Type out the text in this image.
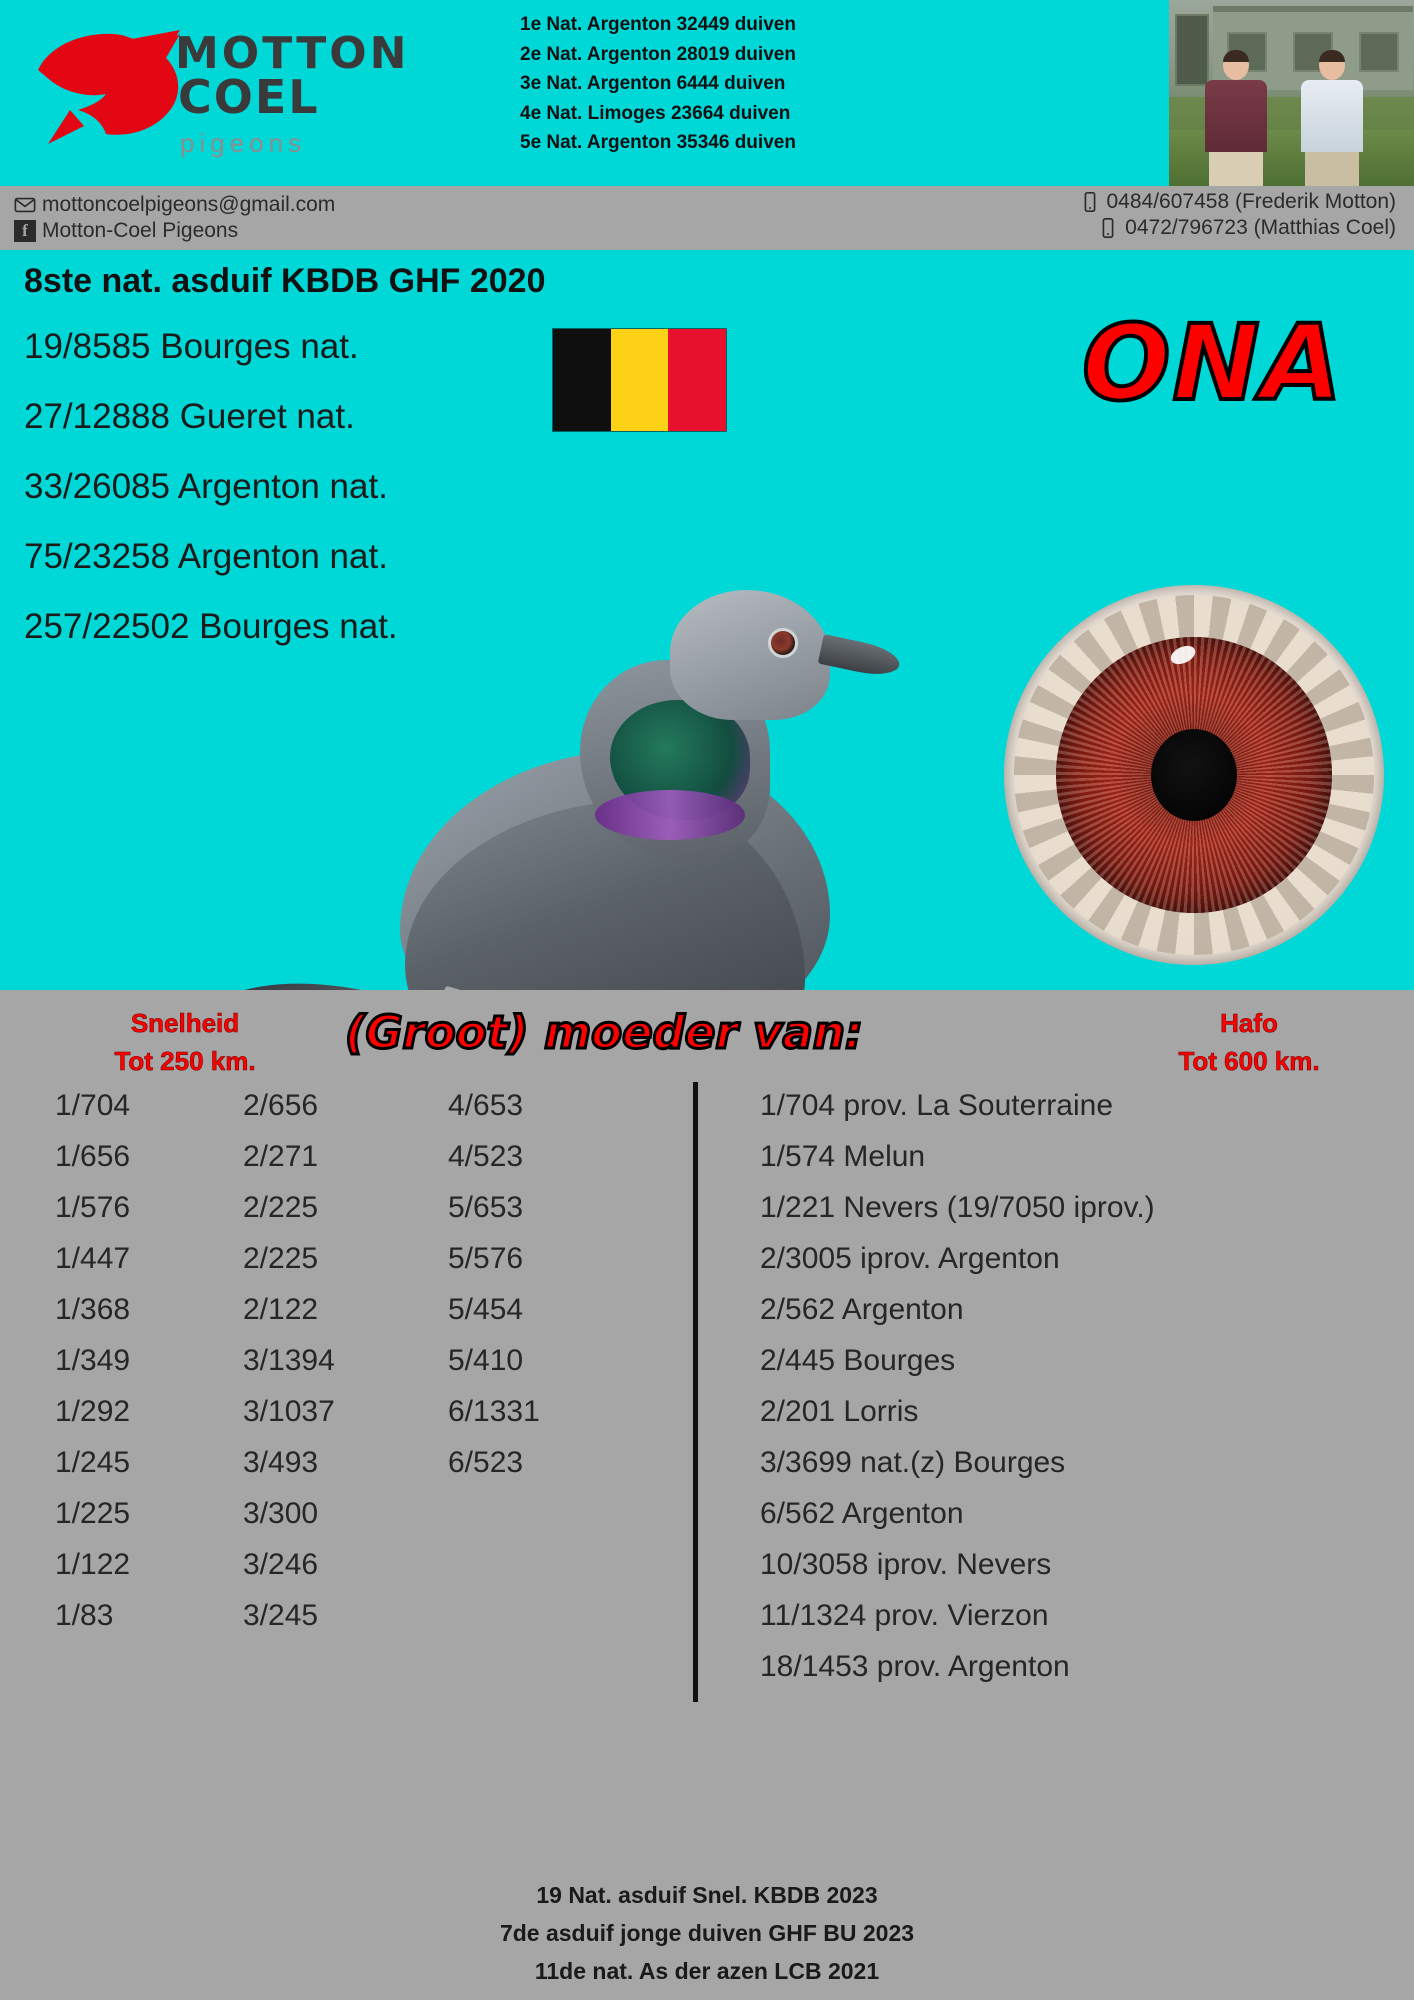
MOTTON
COEL
pigeons
1e Nat. Argenton 32449 duiven
2e Nat. Argenton 28019 duiven
3e Nat. Argenton 6444 duiven
4e Nat. Limoges 23664 duiven
5e Nat. Argenton 35346 duiven
mottoncoelpigeons@gmail.com
f Motton-Coel Pigeons
0484/607458 (Frederik Motton)
0472/796723 (Matthias Coel)
8ste nat. asduif KBDB GHF 2020
19/8585 Bourges nat.
27/12888 Gueret nat.
33/26085 Argenton nat.
75/23258 Argenton nat.
257/22502 Bourges nat.
ONA
Snelheid
Tot 250 km.
(Groot) moeder van:	Hafo
Tot 600 km.
1/704
1/656
1/576
1/447
1/368
1/349
1/292
1/245
1/225
1/122
1/83
2/656
2/271
2/225
2/225
2/122
3/1394
3/1037
3/493
3/300
3/246
3/245
4/653
4/523
5/653
5/576
5/454
5/410
6/1331
6/523
1/704 prov. La Souterraine
1/574 Melun
1/221 Nevers (19/7050 iprov.)
2/3005 iprov. Argenton
2/562 Argenton
2/445 Bourges
2/201 Lorris
3/3699 nat.(z) Bourges
6/562 Argenton
10/3058 iprov. Nevers
11/1324 prov. Vierzon
18/1453 prov. Argenton
19 Nat. asduif Snel. KBDB 2023
7de asduif jonge duiven GHF BU 2023
11de nat. As der azen LCB 2021
